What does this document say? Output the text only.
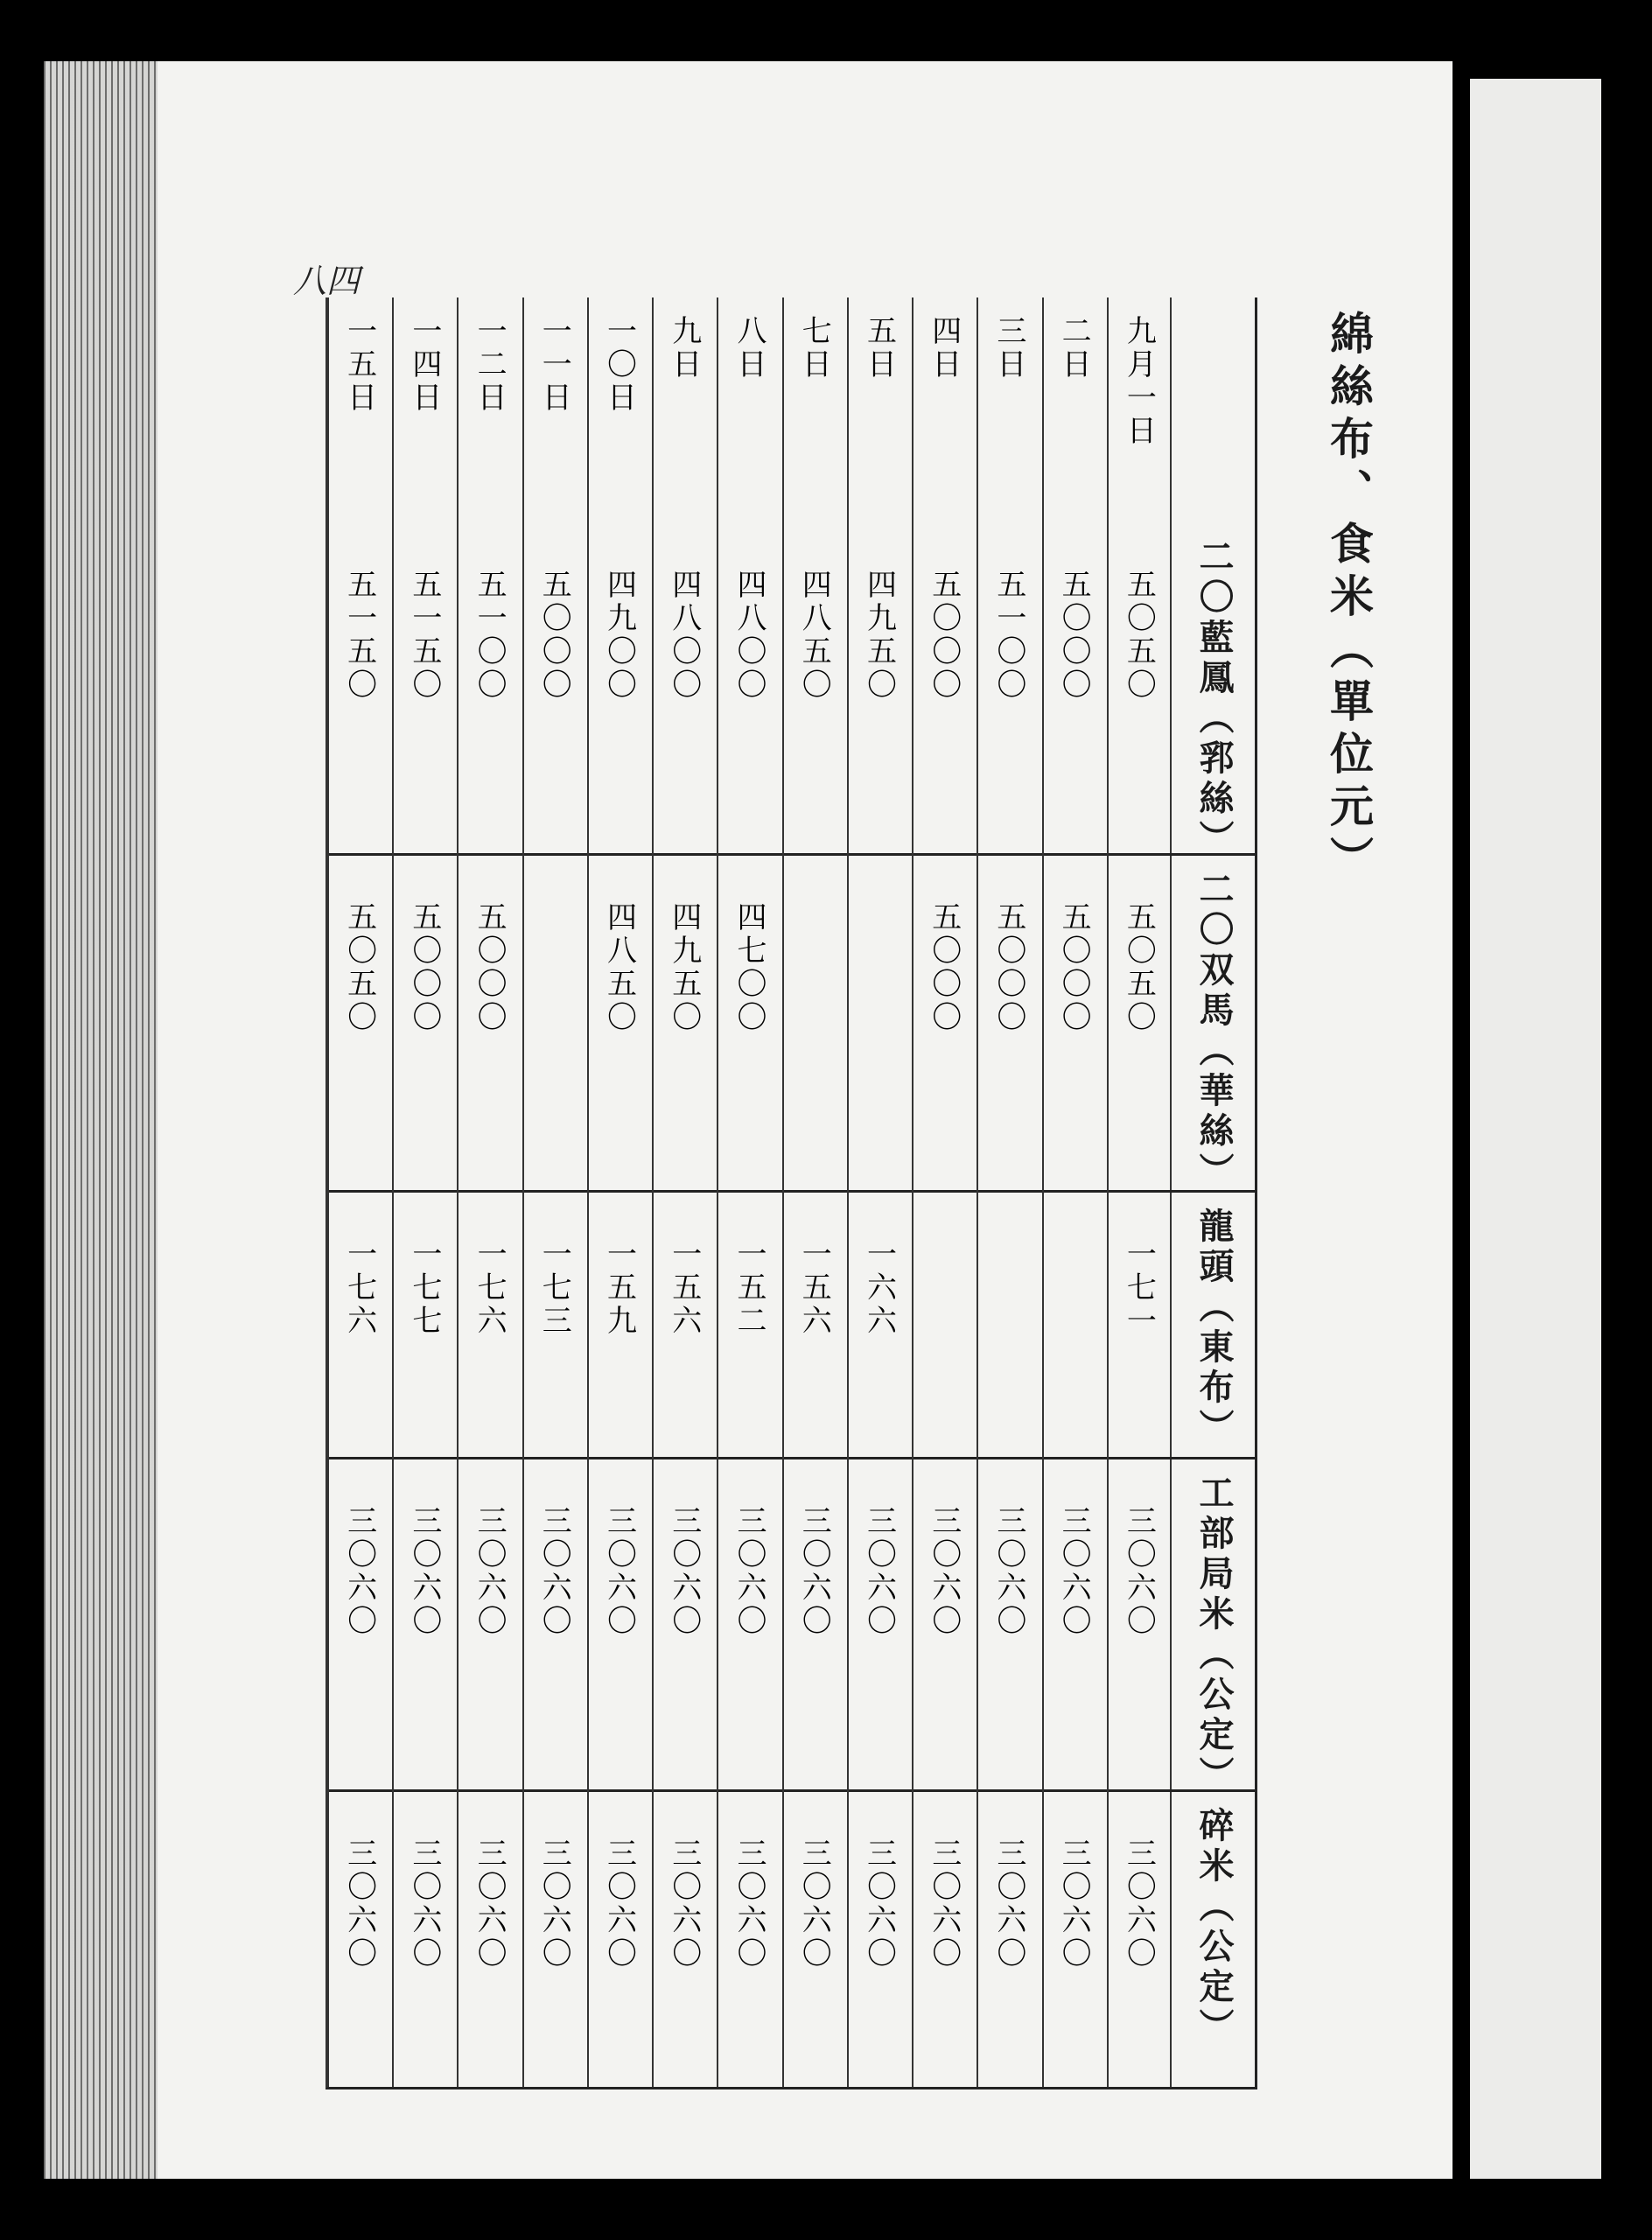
八四
綿絲布、食米（單位元）
二〇藍鳳（郛絲）
二〇双馬（華絲）
龍頭（東布）
工部局米（公定）
碎米（公定）
九月一日
五〇五〇
五〇五〇
一七一
三〇六〇
三〇六〇
二日
五〇〇〇
五〇〇〇
三〇六〇
三〇六〇
三日
五一〇〇
五〇〇〇
三〇六〇
三〇六〇
四日
五〇〇〇
五〇〇〇
三〇六〇
三〇六〇
五日
四九五〇
一六六
三〇六〇
三〇六〇
七日
四八五〇
一五六
三〇六〇
三〇六〇
八日
四八〇〇
四七〇〇
一五二
三〇六〇
三〇六〇
九日
四八〇〇
四九五〇
一五六
三〇六〇
三〇六〇
一〇日
四九〇〇
四八五〇
一五九
三〇六〇
三〇六〇
一一日
五〇〇〇
一七三
三〇六〇
三〇六〇
一二日
五一〇〇
五〇〇〇
一七六
三〇六〇
三〇六〇
一四日
五一五〇
五〇〇〇
一七七
三〇六〇
三〇六〇
一五日
五一五〇
五〇五〇
一七六
三〇六〇
三〇六〇
